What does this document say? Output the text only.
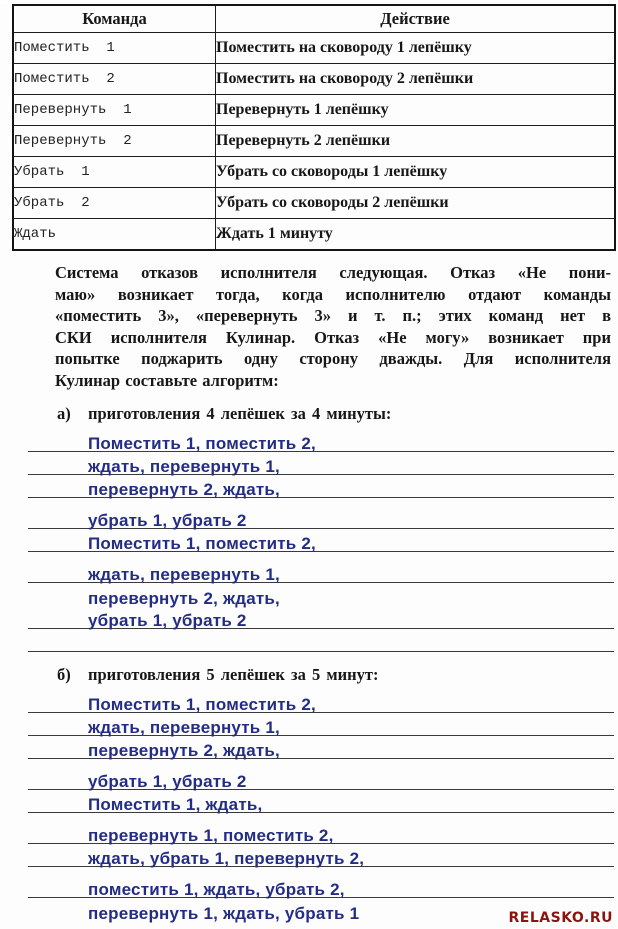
Команда	Действие
Поместить  1	Поместить на сковороду 1 лепёшку
Поместить  2	Поместить на сковороду 2 лепёшки
Перевернуть  1	Перевернуть 1 лепёшку
Перевернуть  2	Перевернуть 2 лепёшки
Убрать  1	Убрать со сковороды 1 лепёшку
Убрать  2	Убрать со сковороды 2 лепёшки
Ждать	Ждать 1 минуту
Система отказов исполнителя следующая. Отказ «Не пони-
маю» возникает тогда, когда исполнителю отдают команды
«поместить 3», «перевернуть 3» и т. п.; этих команд нет в
СКИ исполнителя Кулинар. Отказ «Не могу» возникает при
попытке поджарить одну сторону дважды. Для исполнителя
Кулинар составьте алгоритм:
а) приготовления 4 лепёшек за 4 минуты:
Поместить 1, поместить 2,
ждать, перевернуть 1,
перевернуть 2, ждать,
убрать 1, убрать 2
Поместить 1, поместить 2,
ждать, перевернуть 1,
перевернуть 2, ждать,
убрать 1, убрать 2
б) приготовления 5 лепёшек за 5 минут:
Поместить 1, поместить 2,
ждать, перевернуть 1,
перевернуть 2, ждать,
убрать 1, убрать 2
Поместить 1, ждать,
перевернуть 1, поместить 2,
ждать, убрать 1, перевернуть 2,
поместить 1, ждать, убрать 2,
перевернуть 1, ждать, убрать 1	RELASKO.RU
